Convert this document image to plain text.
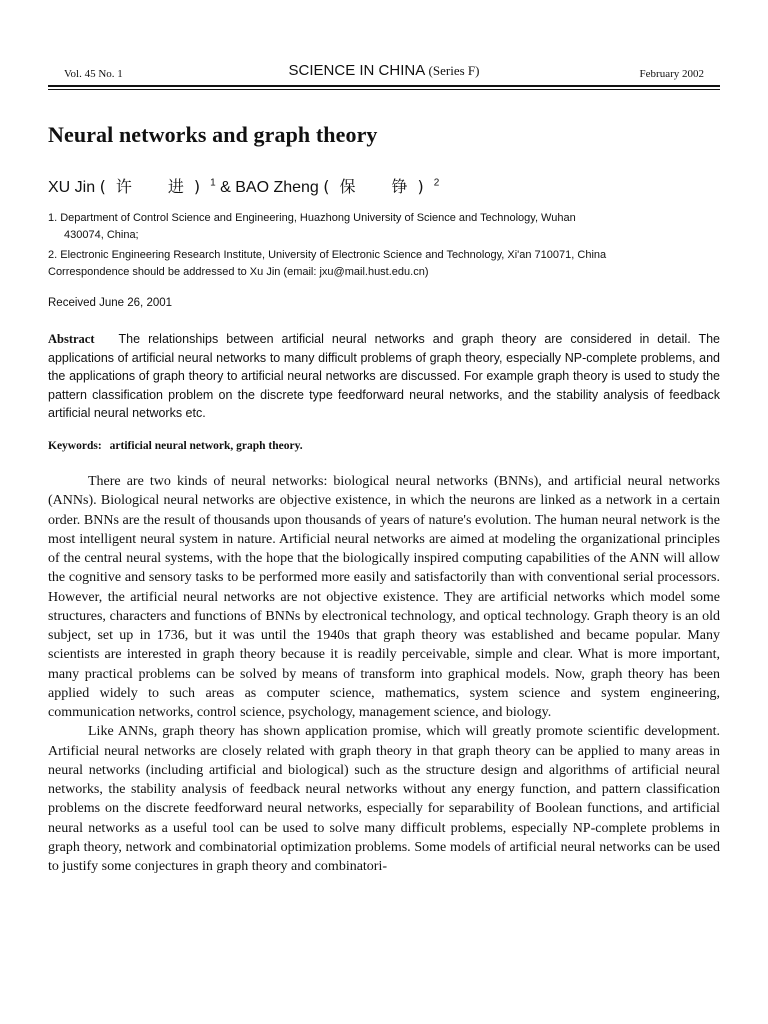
Vol. 45 No. 1	SCIENCE IN CHINA (Series F)	February 2002
Neural networks and graph theory
XU Jin (许　进)$^1$ & BAO Zheng (保　铮)$^2$
1. Department of Control Science and Engineering, Huazhong University of Science and Technology, Wuhan
430074, China;
2. Electronic Engineering Research Institute, University of Electronic Science and Technology, Xi'an 710071, China
Correspondence should be addressed to Xu Jin (email: jxu@mail.hust.edu.cn)
Received June 26, 2001

Abstract The relationships between artificial neural networks and graph theory are considered in detail. The applications of artificial neural networks to many difficult problems of graph theory, especially NP-complete problems, and the applications of graph theory to artificial neural networks are discussed. For example graph theory is used to study the pattern classification problem on the discrete type feedforward neural networks, and the stability analysis of feedback artificial neural networks etc.

Keywords: artificial neural network, graph theory.

There are two kinds of neural networks: biological neural networks (BNNs), and artificial neural networks (ANNs). Biological neural networks are objective existence, in which the neurons are linked as a network in a certain order. BNNs are the result of thousands upon thousands of years of nature's evolution. The human neural network is the most intelligent neural system in nature. Artificial neural networks are aimed at modeling the organizational principles of the central neural systems, with the hope that the biologically inspired computing capabilities of the ANN will allow the cognitive and sensory tasks to be performed more easily and satisfactorily than with conventional serial processors. However, the artificial neural networks are not objective existence. They are artificial networks which model some structures, characters and functions of BNNs by electronical technology, and optical technology. Graph theory is an old subject, set up in 1736, but it was until the 1940s that graph theory was established and became popular. Many scientists are interested in graph theory because it is readily perceivable, simple and clear. What is more important, many practical problems can be solved by means of transform into graphical models. Now, graph theory has been applied widely to such areas as computer science, mathematics, system science and system engineering, communication networks, control science, psychology, management science, and biology.

Like ANNs, graph theory has shown application promise, which will greatly promote scientific development. Artificial neural networks are closely related with graph theory in that graph theory can be applied to many areas in neural networks (including artificial and biological) such as the structure design and algorithms of artificial neural networks, the stability analysis of feedback neural networks without any energy function, and pattern classification problems on the discrete feedforward neural networks, especially for separability of Boolean functions, and artificial neural networks as a useful tool can be used to solve many difficult problems, especially NP-complete problems in graph theory, network and combinatorial optimization problems. Some models of artificial neural networks can be used to justify some conjectures in graph theory and combinatori-
